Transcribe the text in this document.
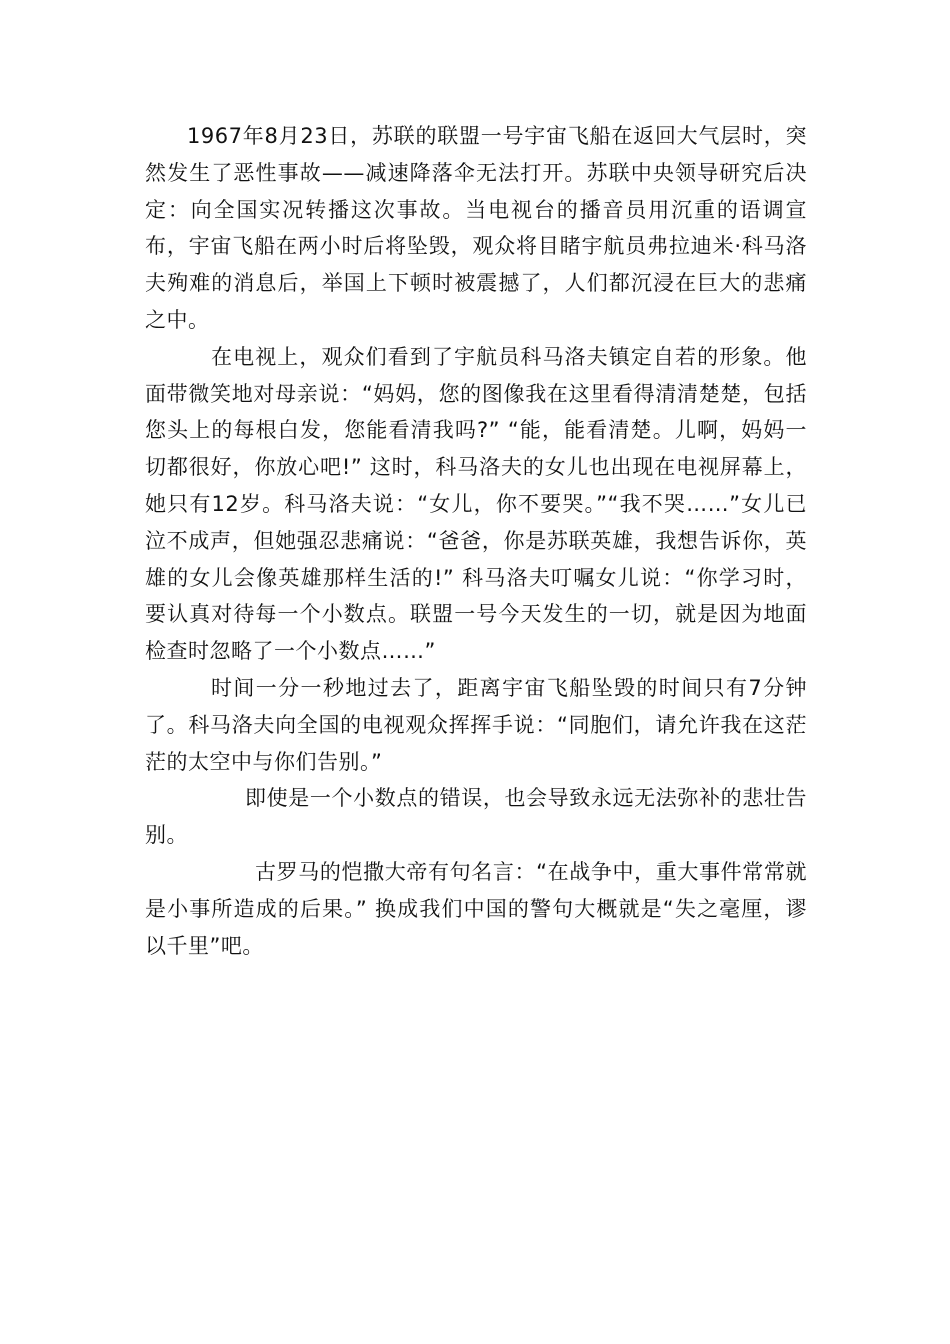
1967年8月23日，苏联的联盟一号宇宙飞船在返回大气层时，突然发生了恶性事故——减速降落伞无法打开。苏联中央领导研究后决定：向全国实况转播这次事故。当电视台的播音员用沉重的语调宣布，宇宙飞船在两小时后将坠毁，观众将目睹宇航员弗拉迪米·科马洛夫殉难的消息后，举国上下顿时被震撼了，人们都沉浸在巨大的悲痛之中。

在电视上，观众们看到了宇航员科马洛夫镇定自若的形象。他面带微笑地对母亲说：“妈妈，您的图像我在这里看得清清楚楚，包括您头上的每根白发，您能看清我吗?” “能，能看清楚。儿啊，妈妈一切都很好，你放心吧!” 这时，科马洛夫的女儿也出现在电视屏幕上，她只有12岁。科马洛夫说：“女儿，你不要哭。”“我不哭……”女儿已泣不成声，但她强忍悲痛说：“爸爸，你是苏联英雄，我想告诉你，英雄的女儿会像英雄那样生活的!” 科马洛夫叮嘱女儿说：“你学习时，要认真对待每一个小数点。联盟一号今天发生的一切，就是因为地面检查时忽略了一个小数点……”

时间一分一秒地过去了，距离宇宙飞船坠毁的时间只有7分钟了。科马洛夫向全国的电视观众挥挥手说：“同胞们，请允许我在这茫茫的太空中与你们告别。”

即使是一个小数点的错误，也会导致永远无法弥补的悲壮告别。

古罗马的恺撒大帝有句名言：“在战争中，重大事件常常就是小事所造成的后果。” 换成我们中国的警句大概就是“失之毫厘，谬以千里”吧。
